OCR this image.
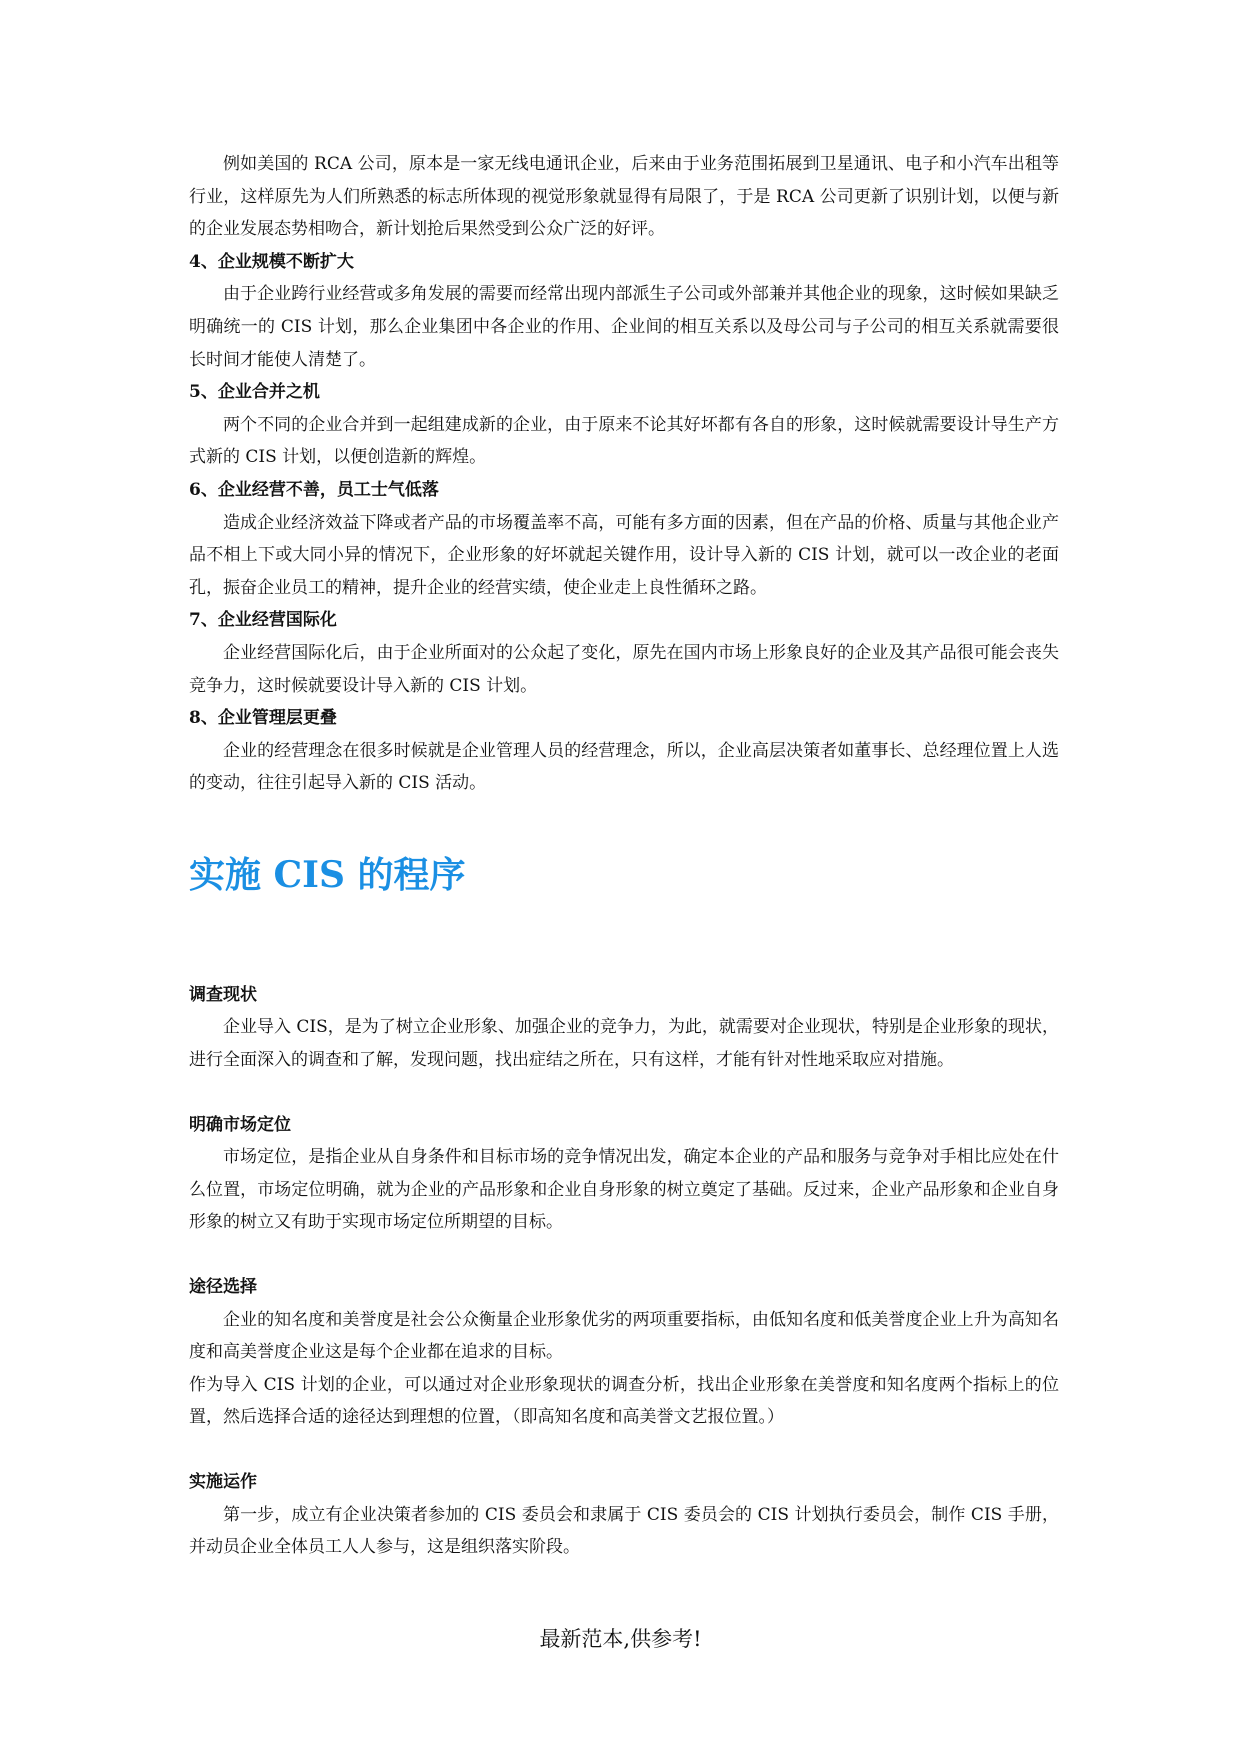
例如美国的 RCA 公司，原本是一家无线电通讯企业，后来由于业务范围拓展到卫星通讯、电子和小汽车出租等行业，这样原先为人们所熟悉的标志所体现的视觉形象就显得有局限了，于是 RCA 公司更新了识别计划，以便与新的企业发展态势相吻合，新计划抢后果然受到公众广泛的好评。

4、企业规模不断扩大

由于企业跨行业经营或多角发展的需要而经常出现内部派生子公司或外部兼并其他企业的现象，这时候如果缺乏明确统一的 CIS 计划，那么企业集团中各企业的作用、企业间的相互关系以及母公司与子公司的相互关系就需要很长时间才能使人清楚了。

5、企业合并之机

两个不同的企业合并到一起组建成新的企业，由于原来不论其好坏都有各自的形象，这时候就需要设计导生产方式新的 CIS 计划，以便创造新的辉煌。

6、企业经营不善，员工士气低落

造成企业经济效益下降或者产品的市场覆盖率不高，可能有多方面的因素，但在产品的价格、质量与其他企业产品不相上下或大同小异的情况下，企业形象的好坏就起关键作用，设计导入新的 CIS 计划，就可以一改企业的老面孔，振奋企业员工的精神，提升企业的经营实绩，使企业走上良性循环之路。

7、企业经营国际化

企业经营国际化后，由于企业所面对的公众起了变化，原先在国内市场上形象良好的企业及其产品很可能会丧失竞争力，这时候就要设计导入新的 CIS 计划。

8、企业管理层更叠

企业的经营理念在很多时候就是企业管理人员的经营理念，所以，企业高层决策者如董事长、总经理位置上人选的变动，往往引起导入新的 CIS 活动。

实施 CIS 的程序
调查现状

企业导入 CIS，是为了树立企业形象、加强企业的竞争力，为此，就需要对企业现状，特别是企业形象的现状，进行全面深入的调查和了解，发现问题，找出症结之所在，只有这样，才能有针对性地采取应对措施。

明确市场定位

市场定位，是指企业从自身条件和目标市场的竞争情况出发，确定本企业的产品和服务与竞争对手相比应处在什么位置，市场定位明确，就为企业的产品形象和企业自身形象的树立奠定了基础。反过来，企业产品形象和企业自身形象的树立又有助于实现市场定位所期望的目标。

途径选择

企业的知名度和美誉度是社会公众衡量企业形象优劣的两项重要指标，由低知名度和低美誉度企业上升为高知名度和高美誉度企业这是每个企业都在追求的目标。

作为导入 CIS 计划的企业，可以通过对企业形象现状的调查分析，找出企业形象在美誉度和知名度两个指标上的位置，然后选择合适的途径达到理想的位置，（即高知名度和高美誉文艺报位置。）

实施运作

第一步，成立有企业决策者参加的 CIS 委员会和隶属于 CIS 委员会的 CIS 计划执行委员会，制作 CIS 手册，并动员企业全体员工人人参与，这是组织落实阶段。

最新范本,供参考!
